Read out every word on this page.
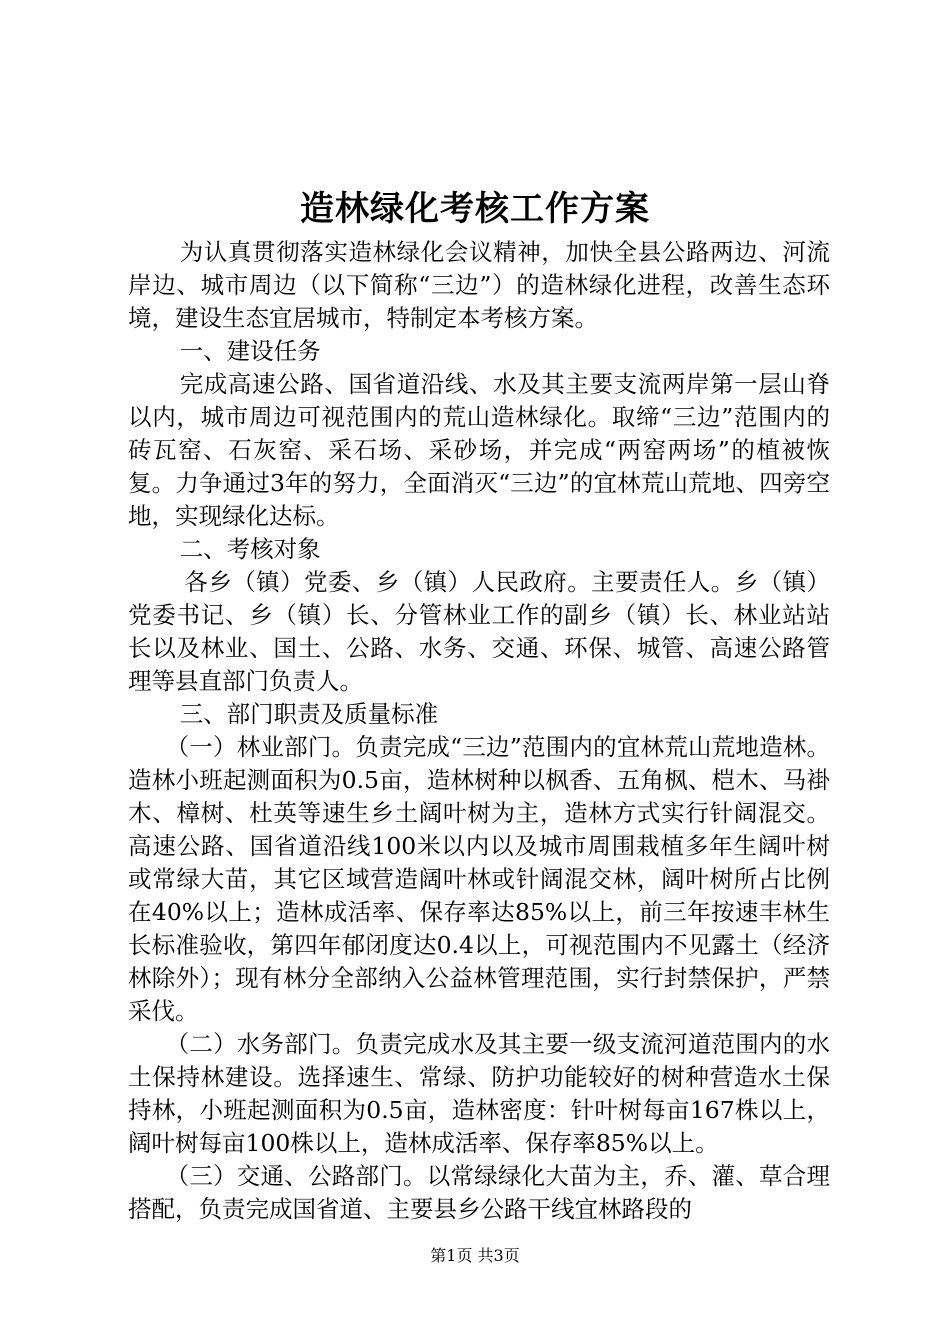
造林绿化考核工作方案

为认真贯彻落实造林绿化会议精神，加快全县公路两边、河流岸边、城市周边（以下简称“三边”）的造林绿化进程，改善生态环境，建设生态宜居城市，特制定本考核方案。

一、建设任务

完成高速公路、国省道沿线、水及其主要支流两岸第一层山脊以内，城市周边可视范围内的荒山造林绿化。取缔“三边”范围内的砖瓦窑、石灰窑、采石场、采砂场，并完成“两窑两场”的植被恢复。力争通过3年的努力，全面消灭“三边”的宜林荒山荒地、四旁空地，实现绿化达标。

二、考核对象

各乡（镇）党委、乡（镇）人民政府。主要责任人。乡（镇）党委书记、乡（镇）长、分管林业工作的副乡（镇）长、林业站站长以及林业、国土、公路、水务、交通、环保、城管、高速公路管理等县直部门负责人。

三、部门职责及质量标准

（一）林业部门。负责完成“三边”范围内的宜林荒山荒地造林。造林小班起测面积为0.5亩，造林树种以枫香、五角枫、桤木、马褂木、樟树、杜英等速生乡土阔叶树为主，造林方式实行针阔混交。高速公路、国省道沿线100米以内以及城市周围栽植多年生阔叶树或常绿大苗，其它区域营造阔叶林或针阔混交林，阔叶树所占比例在40%以上；造林成活率、保存率达85%以上，前三年按速丰林生长标准验收，第四年郁闭度达0.4以上，可视范围内不见露土（经济林除外）；现有林分全部纳入公益林管理范围，实行封禁保护，严禁采伐。

（二）水务部门。负责完成水及其主要一级支流河道范围内的水土保持林建设。选择速生、常绿、防护功能较好的树种营造水土保持林，小班起测面积为0.5亩，造林密度：针叶树每亩167株以上，阔叶树每亩100株以上，造林成活率、保存率85%以上。

（三）交通、公路部门。以常绿绿化大苗为主，乔、灌、草合理搭配，负责完成国省道、主要县乡公路干线宜林路段的

第1页 共3页
